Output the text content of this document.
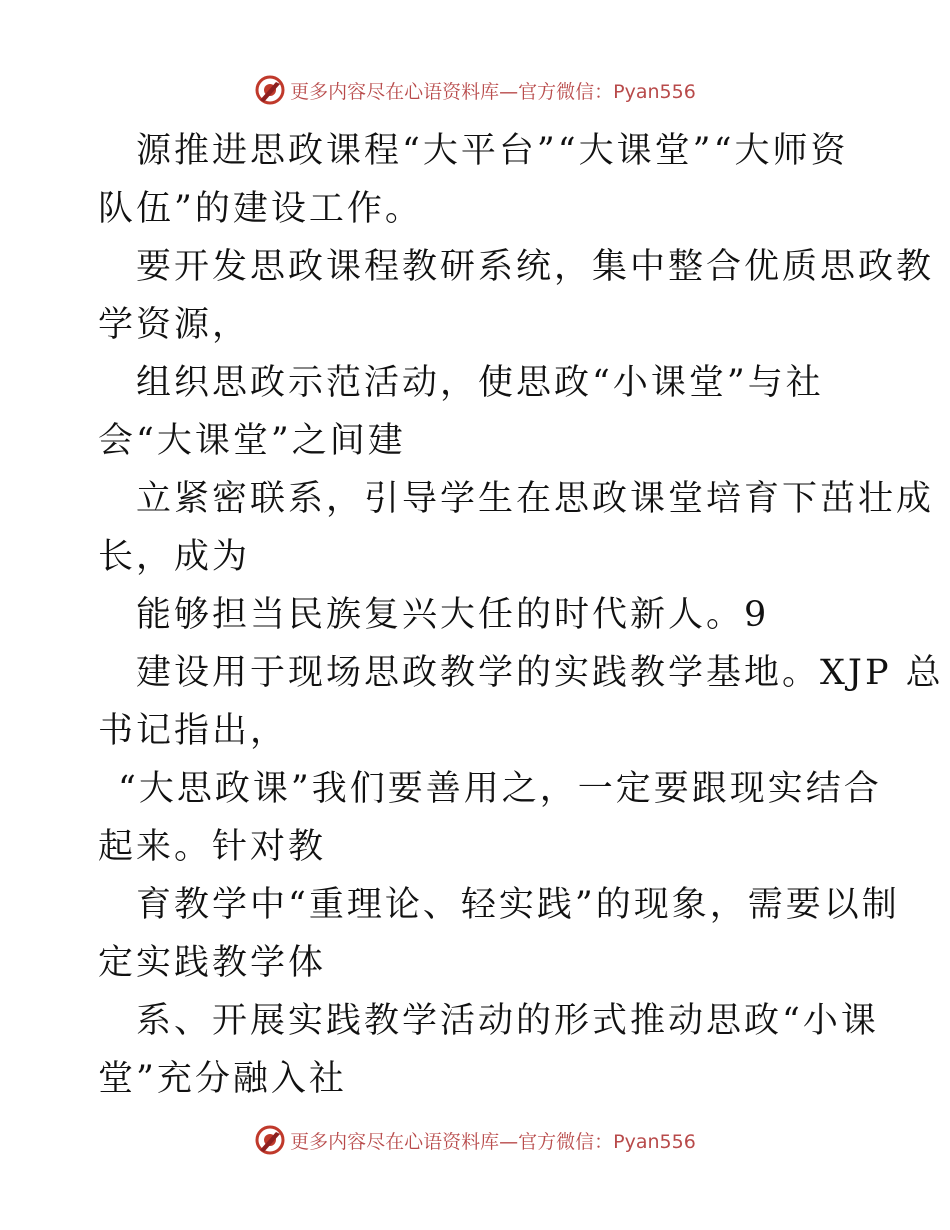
更多内容尽在心语资料库—官方微信：Pyan556
源推进思政课程“大平台”“大课堂”“大师资
队伍”的建设工作。
要开发思政课程教研系统，集中整合优质思政教
学资源，
组织思政示范活动，使思政“小课堂”与社
会“大课堂”之间建
立紧密联系，引导学生在思政课堂培育下茁壮成
长，成为
能够担当民族复兴大任的时代新人。9
建设用于现场思政教学的实践教学基地。XJP 总
书记指出，
“大思政课”我们要善用之，一定要跟现实结合
起来。针对教
育教学中“重理论、轻实践”的现象，需要以制
定实践教学体
系、开展实践教学活动的形式推动思政“小课
堂”充分融入社
更多内容尽在心语资料库—官方微信：Pyan556
